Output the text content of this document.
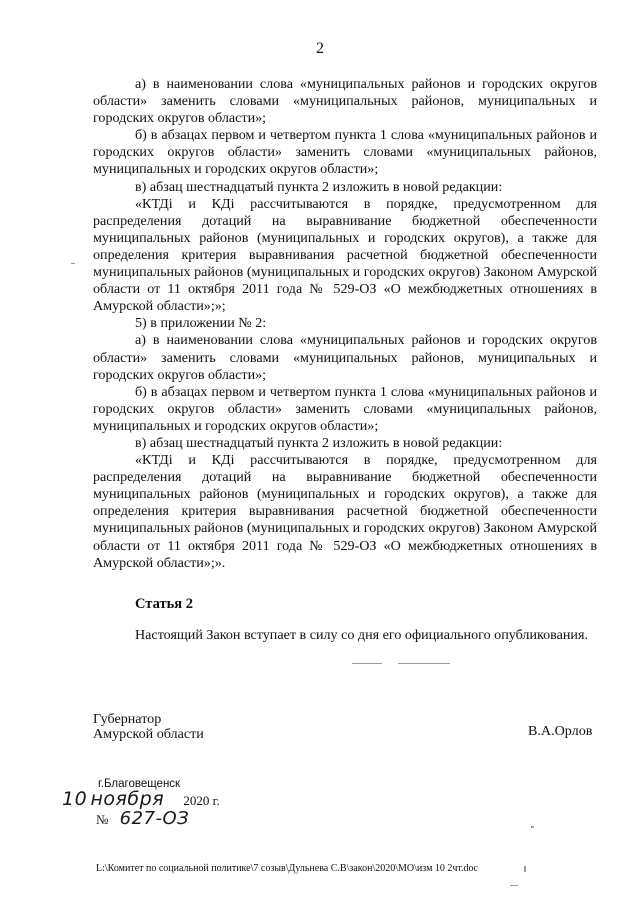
2

а) в наименовании слова «муниципальных районов и городских округов области» заменить словами «муниципальных районов, муниципальных и городских округов области»;

б) в абзацах первом и четвертом пункта 1 слова «муниципальных районов и городских округов области» заменить словами «муниципальных районов, муниципальных и городских округов области»;

в) абзац шестнадцатый пункта 2 изложить в новой редакции:

«КТДi и КДi рассчитываются в порядке, предусмотренном для распределения дотаций на выравнивание бюджетной обеспеченности муниципальных районов (муниципальных и городских округов), а также для определения критерия выравнивания расчетной бюджетной обеспеченности муниципальных районов (муниципальных и городских округов) Законом Амурской области от 11 октября 2011 года № 529-ОЗ «О межбюджетных отношениях в Амурской области»;»;

5) в приложении № 2:

а) в наименовании слова «муниципальных районов и городских округов области» заменить словами «муниципальных районов, муниципальных и городских округов области»;

б) в абзацах первом и четвертом пункта 1 слова «муниципальных районов и городских округов области» заменить словами «муниципальных районов, муниципальных и городских округов области»;

в) абзац шестнадцатый пункта 2 изложить в новой редакции:

«КТДi и КДi рассчитываются в порядке, предусмотренном для распределения дотаций на выравнивание бюджетной обеспеченности муниципальных районов (муниципальных и городских округов), а также для определения критерия выравнивания расчетной бюджетной обеспеченности муниципальных районов (муниципальных и городских округов) Законом Амурской области от 11 октября 2011 года № 529-ОЗ «О межбюджетных отношениях в Амурской области»;».

Статья 2
Настоящий Закон вступает в силу со дня его официального опубликования.
Губернатор
Амурской области	В.А.Орлов
г.Благовещенск
10 ноября 2020 г.
№ 627-ОЗ
L:\Комитет по социальной политике\7 созыв\Дульнева С.В\закон\2020\МО\изм 10 2чт.doc
